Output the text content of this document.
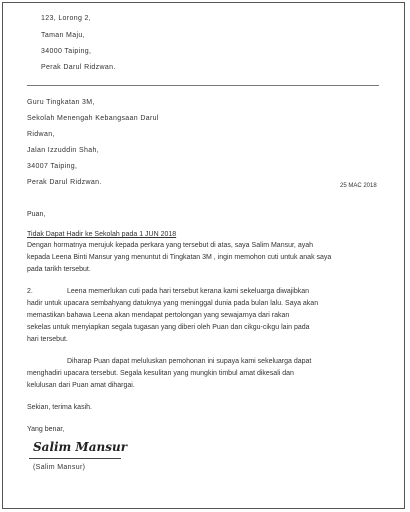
123, Lorong 2,
Taman Maju,
34000 Taiping,
Perak Darul Ridzwan.
Guru Tingkatan 3M,
Sekolah Menengah Kebangsaan Darul
Ridwan,
Jalan Izzuddin Shah,
34007 Taiping,
Perak Darul Ridzwan.	25 MAC 2018
Puan,
Tidak Dapat Hadir ke Sekolah pada 1 JUN 2018
Dengan hormatnya merujuk kepada perkara yang tersebut di atas, saya Salim Mansur, ayah
kepada Leena Binti Mansur yang menuntut di Tingkatan 3M , ingin memohon cuti untuk anak saya
pada tarikh tersebut.
2.	Leena memerlukan cuti pada hari tersebut kerana kami sekeluarga diwajibkan
hadir untuk upacara sembahyang datuknya yang meninggal dunia pada bulan lalu. Saya akan
memastikan bahawa Leena akan mendapat pertolongan yang sewajarnya dari rakan
sekelas untuk menyiapkan segala tugasan yang diberi oleh Puan dan cikgu-cikgu lain pada
hari tersebut.
Diharap Puan dapat meluluskan pemohonan ini supaya kami sekeluarga dapat
menghadiri upacara tersebut. Segala kesulitan yang mungkin timbul amat dikesali dan
kelulusan dari Puan amat dihargai.
Sekian, terima kasih.
Yang benar,
Salim Mansur
(Salim Mansur)
